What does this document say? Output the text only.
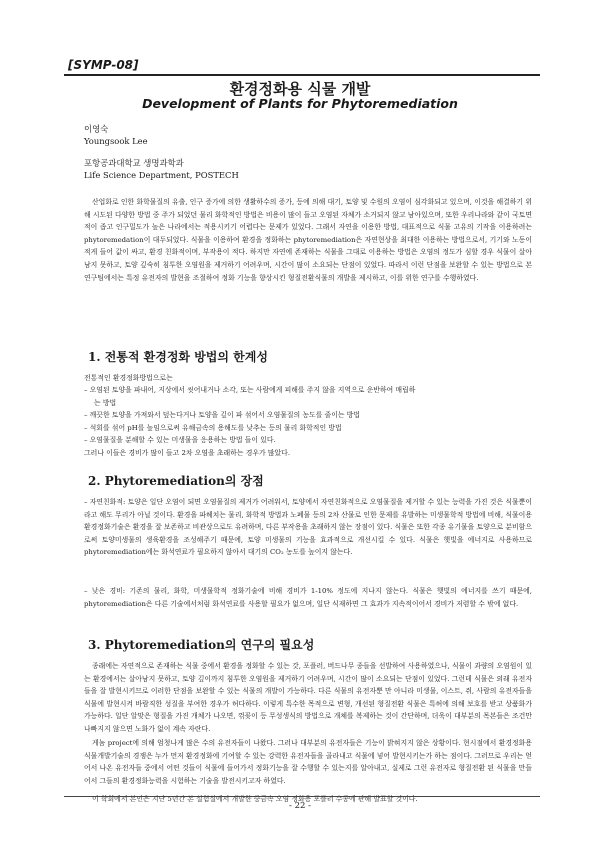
[SYMP-08]
환경정화용 식물 개발
Development of Plants for Phytoremediation
이영숙
Youngsook Lee
포항공과대학교 생명과학과
Life Science Department, POSTECH

산업화로 인한 화학물질의 유출, 인구 증가에 의한 생활하수의 증가, 등에 의해 대기, 토양 및 수원의 오염이 심각화되고 있으며, 이것을 해결하기 위해 시도된 다양한 방법 중 주가 되었던 물리 화학적인 방법은 비용이 많이 들고 오염된 자체가 소거되지 않고 남아있으며, 또한 우리나라와 같이 국토면적이 좁고 인구밀도가 높은 나라에서는 적용시키기 어렵다는 문제가 있었다. 그래서 자연을 이용한 방법, 대표적으로 식물 고유의 기작을 이용하려는 phytoremedation이 대두되었다. 식물을 이용하여 환경을 정화하는 phytoremediation은 자연현상을 최대한 이용하는 방법으로서, 기기와 노동이 적게 들어 값이 싸고, 환경 친화적이며, 부작용이 적다. 하지만 자연에 존재하는 식물을 그대로 이용하는 방법은 오염의 정도가 심할 경우 식물이 살아남지 못하고, 토양 깊숙히 침투한 오염원을 제거하기 어려우며, 시간이 많이 소요되는 단점이 있었다. 따라서 이런 단점을 보완할 수 있는 방법으로 본 연구팀에서는 특정 유전자의 발현을 조절하여 정화 기능을 향상시킨 형질전환식물의 개발을 제시하고, 이를 위한 연구를 수행하였다.

1. 전통적 환경정화 방법의 한계성

전통적인 환경정화방법으로는

– 오염된 토양을 파내어, 지상에서 씻어내거나 소각, 또는 사람에게 피해를 주지 않을 지역으로 운반하여 매립하
는 방법
– 깨끗한 토양을 가져와서 덮는다거나 토양을 깊이 파 섞어서 오염물질의 농도를 줄이는 방법
– 석회를 섞어 pH를 높임으로써 유해금속의 용해도를 낮추는 등의 물리 화학적인 방법
– 오염물질을 분해할 수 있는 미생물을 응용하는 방법 들이 있다.

그러나 이들은 경비가 많이 들고 2차 오염을 초래하는 경우가 많았다.

2. Phytoremediation의 장점

– 자연친화적: 토양은 일단 오염이 되면 오염물질의 제거가 어려워서, 토양에서 자연친화적으로 오염물질을 제거할 수 있는 능력을 가진 것은 식물뿐이라고 해도 무리가 아닐 것이다. 환경을 파헤치는 물리, 화학적 방법과 노폐물 등의 2차 산물로 인한 문제를 유발하는 미생물학적 방법에 비해, 식물이용 환경정화기술은 환경을 잘 보존하고 비관상으로도 유려하며, 다른 부작용을 초래하지 않는 장점이 있다. 식물은 또한 각종 유기물을 토양으로 분비함으로써 토양미생물의 생육환경을 조성해주기 때문에, 토양 미생물의 기능을 효과적으로 개선시킬 수 있다. 식물은 햇빛을 에너지로 사용하므로 phytoremediation에는 화석연료가 필요하지 않아서 대기의 CO₂ 농도를 높이지 않는다.

– 낮은 경비: 기존의 물리, 화학, 미생물학적 정화기술에 비해 경비가 1-10% 정도에 지나지 않는다. 식물은 햇빛의 에너지를 쓰기 때문에, phytoremediation은 다른 기술에서처럼 화석연료를 사용할 필요가 없으며, 일단 식재하면 그 효과가 지속적이어서 경비가 저렴할 수 밖에 없다.

3. Phytoremediation의 연구의 필요성

종래에는 자연적으로 존재하는 식물 중에서 환경을 정화할 수 있는 갓, 포플러, 버드나무 종들을 선발하여 사용하였으나, 식물이 과량의 오염원이 있는 환경에서는 살아남지 못하고, 토양 깊이까지 침투한 오염원을 제거하기 어려우며, 시간이 많이 소요되는 단점이 있었다. 그런데 식물은 외래 유전자들을 잘 발현시키므로 이러한 단점을 보완할 수 있는 식물의 개발이 가능하다. 다른 식물의 유전자뿐 만 아니라 미생물, 이스트, 쥐, 사람의 유전자들을 식물에 발현시켜 바람직한 성질을 부여한 경우가 허다하다. 이렇게 특수한 목적으로 변형, 개선된 형질전환 식물은 특허에 의해 보호를 받고 상품화가 가능하다. 일단 알맞은 형질을 가진 개체가 나오면, 꺾꽂이 등 무성생식의 방법으로 개체를 복제하는 것이 간단하며, 더욱이 대부분의 목본들은 조건만 나빠지지 않으면 노화가 없이 계속 자란다.

게놈 project에 의해 엄청나게 많은 수의 유전자들이 나왔다. 그러나 대부분의 유전자들은 기능이 밝혀지지 않은 상황이다. 현시점에서 환경정화용 식물개발기술의 경쟁은 누가 먼저 환경정화에 기여할 수 있는 강력한 유전자들을 골라내고 식물에 넣어 발현시키는가 하는 점이다. 그러므로 우리는 얻어서 나온 유전자들 중에서 어떤 것들이 식물에 들어가서 정화기능을 잘 수행할 수 있는지를 알아내고, 실제로 그런 유전자로 형질전환 된 식물을 만들어서 그들의 환경정화능력을 시험하는 기술을 발전시키고자 하였다.

이 학회에서 본인은 지난 5년간 본 실험실에서 개발한 중금속 오염 정화용 포플러 수종에 관해 발표할 것이다.

- 22 -
